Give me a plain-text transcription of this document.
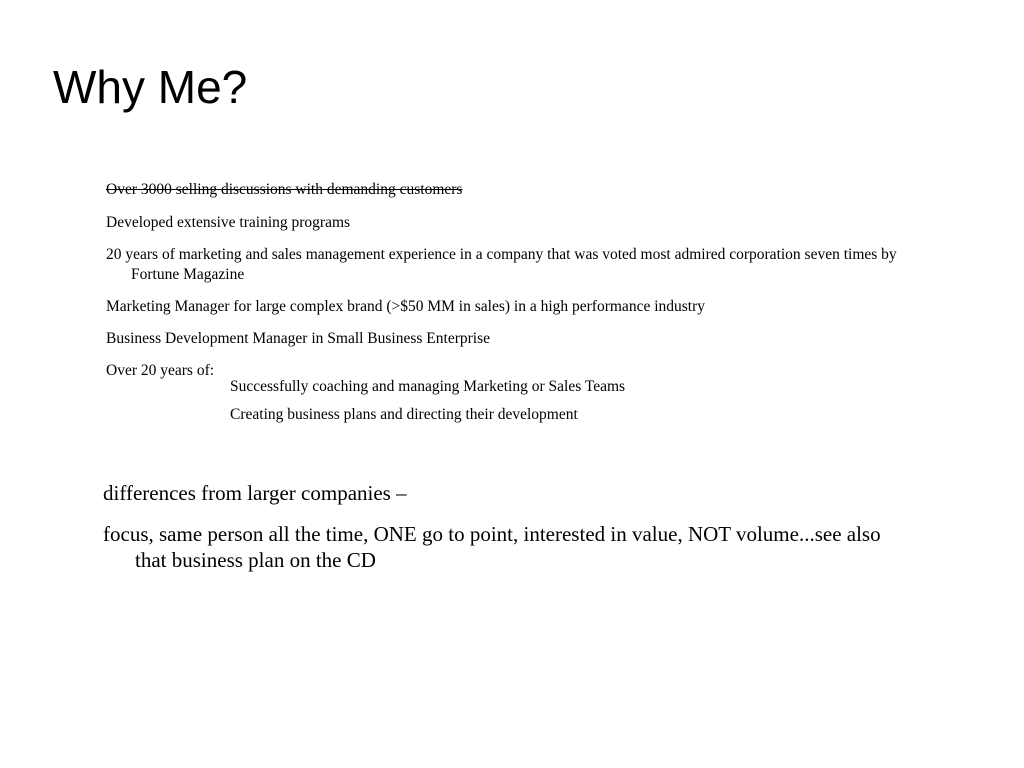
Why Me?
Over 3000 selling discussions with demanding customers
Developed extensive training programs
20 years of marketing and sales management experience in a company that was voted most admired corporation seven times by Fortune Magazine
Marketing Manager for large complex brand (>$50 MM in sales) in a high performance industry
Business Development Manager in Small Business Enterprise
Over 20 years of:
Successfully coaching and managing Marketing or Sales Teams
Creating business plans and directing their development
differences from larger companies –
focus, same person all the time, ONE go to point, interested in value, NOT volume...see also that business plan on the CD
